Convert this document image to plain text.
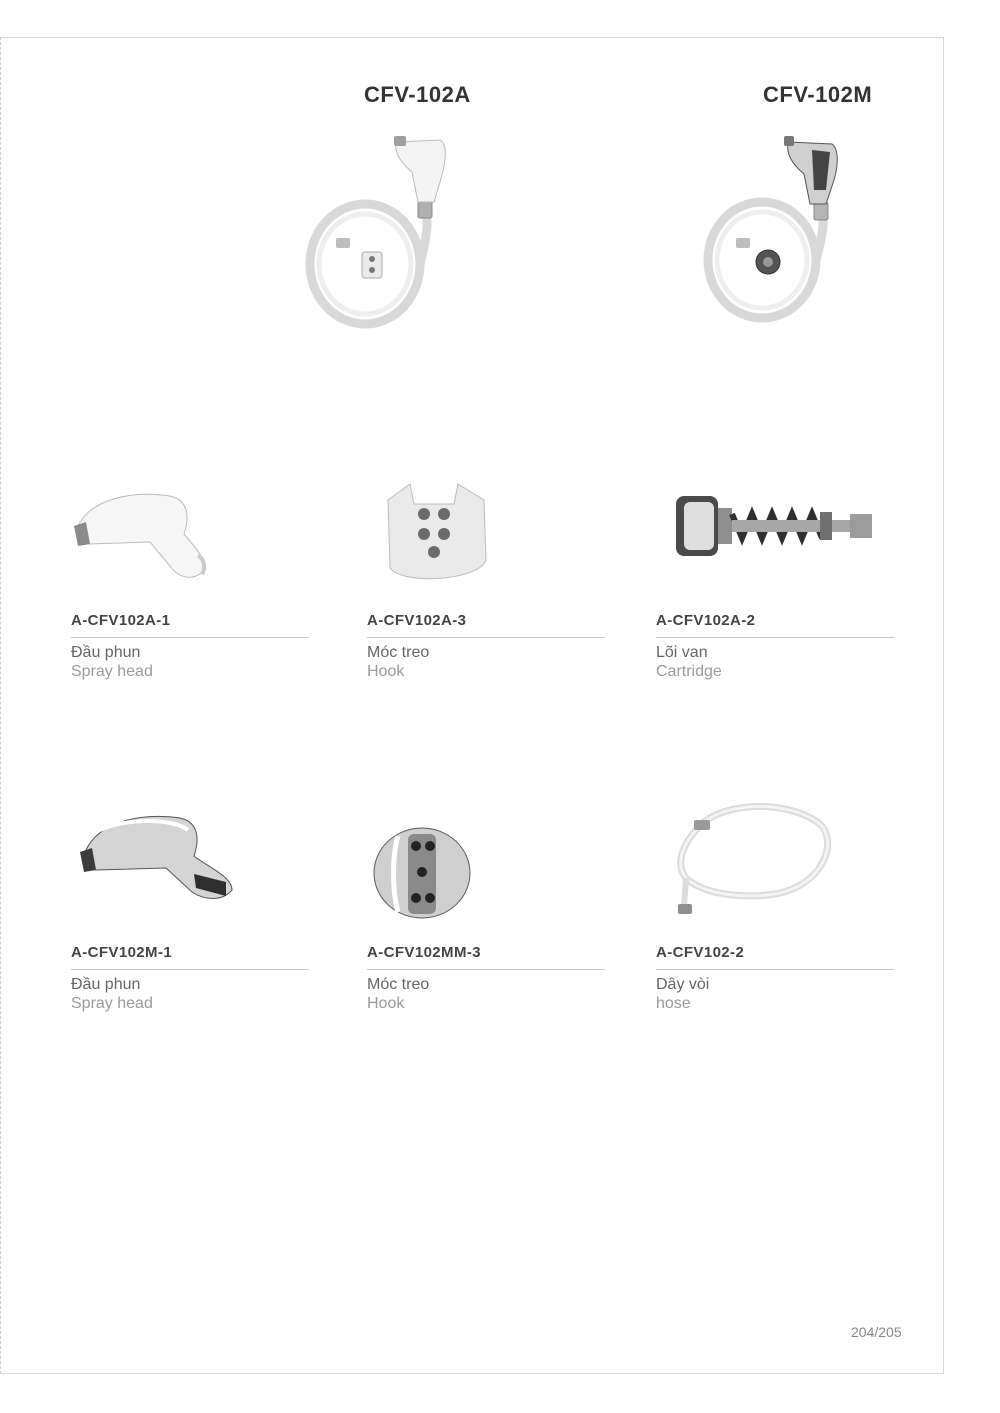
CFV-102A	CFV-102M
A-CFV102A-1
Đầu phun
Spray head
A-CFV102A-3
Móc treo
Hook
A-CFV102A-2
Lõi van
Cartridge
A-CFV102M-1
Đầu phun
Spray head
A-CFV102MM-3
Móc treo
Hook
A-CFV102-2
Dây vòi
hose
204/205
